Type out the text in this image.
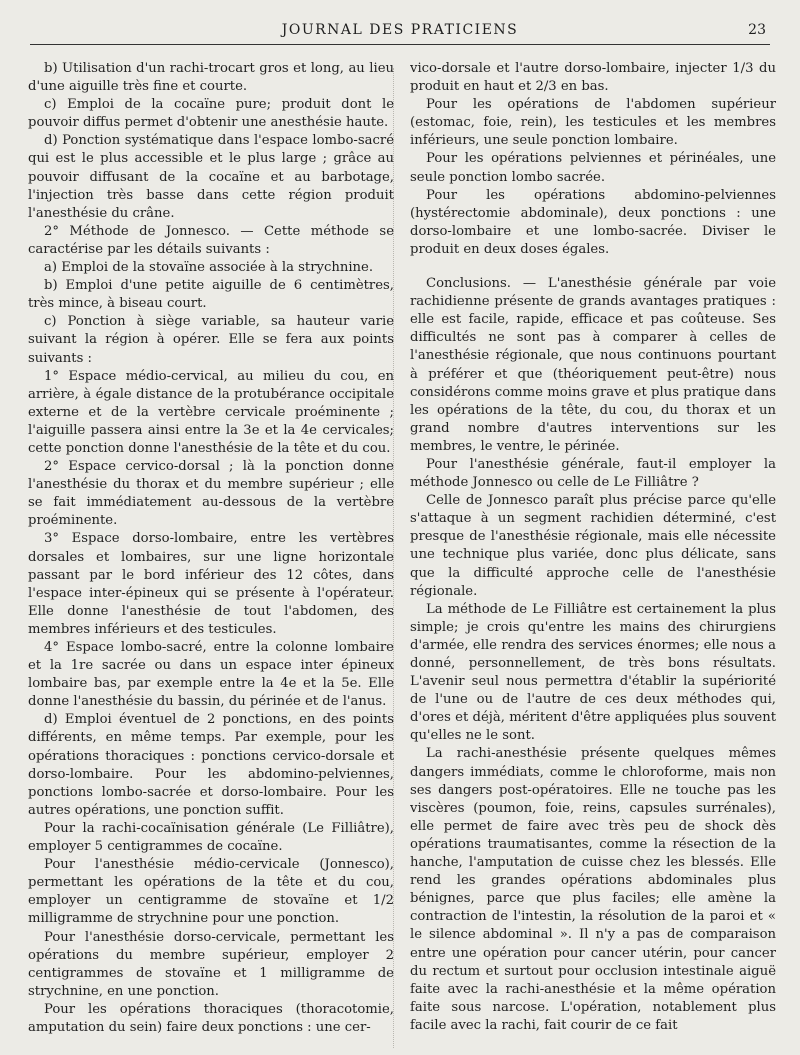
JOURNAL DES PRATICIENS	23

b) Utilisation d'un rachi-trocart gros et long, au lieu d'une aiguille très fine et courte.

c) Emploi de la cocaïne pure; produit dont le pouvoir diffus permet d'obtenir une anesthésie haute.

d) Ponction systématique dans l'espace lombo-sacré qui est le plus accessible et le plus large ; grâce au pouvoir diffusant de la cocaïne et au barbotage, l'injection très basse dans cette région produit l'anesthésie du crâne.

2° Méthode de Jonnesco. — Cette méthode se caractérise par les détails suivants :

a) Emploi de la stovaïne associée à la strychnine.

b) Emploi d'une petite aiguille de 6 centimètres, très mince, à biseau court.

c) Ponction à siège variable, sa hauteur varie suivant la région à opérer. Elle se fera aux points suivants :

1° Espace médio-cervical, au milieu du cou, en arrière, à égale distance de la protubérance occipitale externe et de la vertèbre cervicale proéminente ; l'aiguille passera ainsi entre la 3e et la 4e cervicales; cette ponction donne l'anesthésie de la tête et du cou.

2° Espace cervico-dorsal ; là la ponction donne l'anesthésie du thorax et du membre supérieur ; elle se fait immédiatement au-dessous de la vertèbre proéminente.

3° Espace dorso-lombaire, entre les vertèbres dorsales et lombaires, sur une ligne horizontale passant par le bord inférieur des 12 côtes, dans l'espace inter-épineux qui se présente à l'opérateur. Elle donne l'anesthésie de tout l'abdomen, des membres inférieurs et des testicules.

4° Espace lombo-sacré, entre la colonne lombaire et la 1re sacrée ou dans un espace inter épineux lombaire bas, par exemple entre la 4e et la 5e. Elle donne l'anesthésie du bassin, du périnée et de l'anus.

d) Emploi éventuel de 2 ponctions, en des points différents, en même temps. Par exemple, pour les opérations thoraciques : ponctions cervico-dorsale et dorso-lombaire. Pour les abdomino-pelviennes, ponctions lombo-sacrée et dorso-lombaire. Pour les autres opérations, une ponction suffit.

Pour la rachi-cocaïnisation générale (Le Filliâtre), employer 5 centigrammes de cocaïne.

Pour l'anesthésie médio-cervicale (Jonnesco), permettant les opérations de la tête et du cou, employer un centigramme de stovaïne et 1/2 milligramme de strychnine pour une ponction.

Pour l'anesthésie dorso-cervicale, permettant les opérations du membre supérieur, employer 2 centigrammes de stovaïne et 1 milligramme de strychnine, en une ponction.

Pour les opérations thoraciques (thoracotomie, amputation du sein) faire deux ponctions : une cer-

vico-dorsale et l'autre dorso-lombaire, injecter 1/3 du produit en haut et 2/3 en bas.

Pour les opérations de l'abdomen supérieur (estomac, foie, rein), les testicules et les membres inférieurs, une seule ponction lombaire.

Pour les opérations pelviennes et périnéales, une seule ponction lombo sacrée.

Pour les opérations abdomino-pelviennes (hystérectomie abdominale), deux ponctions : une dorso-lombaire et une lombo-sacrée. Diviser le produit en deux doses égales.

Conclusions. — L'anesthésie générale par voie rachidienne présente de grands avantages pratiques : elle est facile, rapide, efficace et pas coûteuse. Ses difficultés ne sont pas à comparer à celles de l'anesthésie régionale, que nous continuons pourtant à préférer et que (théoriquement peut-être) nous considérons comme moins grave et plus pratique dans les opérations de la tête, du cou, du thorax et un grand nombre d'autres interventions sur les membres, le ventre, le périnée.

Pour l'anesthésie générale, faut-il employer la méthode Jonnesco ou celle de Le Filliâtre ?

Celle de Jonnesco paraît plus précise parce qu'elle s'attaque à un segment rachidien déterminé, c'est presque de l'anesthésie régionale, mais elle nécessite une technique plus variée, donc plus délicate, sans que la difficulté approche celle de l'anesthésie régionale.

La méthode de Le Filliâtre est certainement la plus simple; je crois qu'entre les mains des chirurgiens d'armée, elle rendra des services énormes; elle nous a donné, personnellement, de très bons résultats. L'avenir seul nous permettra d'établir la supériorité de l'une ou de l'autre de ces deux méthodes qui, d'ores et déjà, méritent d'être appliquées plus souvent qu'elles ne le sont.

La rachi-anesthésie présente quelques mêmes dangers immédiats, comme le chloroforme, mais non ses dangers post-opératoires. Elle ne touche pas les viscères (poumon, foie, reins, capsules surrénales), elle permet de faire avec très peu de shock dès opérations traumatisantes, comme la résection de la hanche, l'amputation de cuisse chez les blessés. Elle rend les grandes opérations abdominales plus bénignes, parce que plus faciles; elle amène la contraction de l'intestin, la résolution de la paroi et « le silence abdominal ». Il n'y a pas de comparaison entre une opération pour cancer utérin, pour cancer du rectum et surtout pour occlusion intestinale aiguë faite avec la rachi-anesthésie et la même opération faite sous narcose. L'opération, notablement plus facile avec la rachi, fait courir de ce fait
